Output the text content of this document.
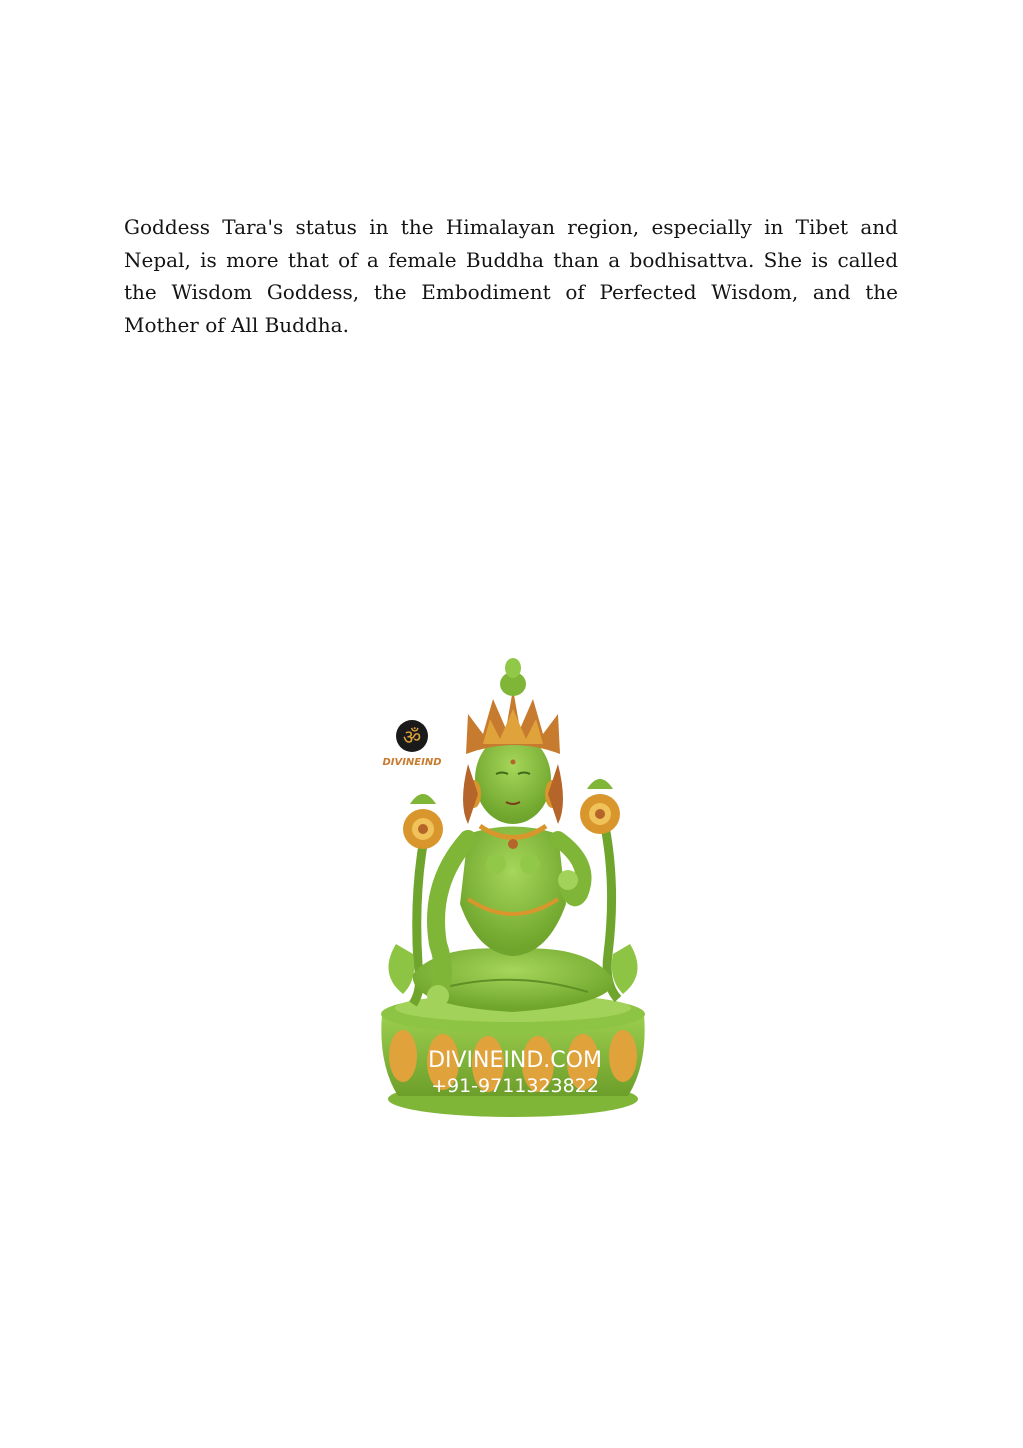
Goddess Tara's status in the Himalayan region, especially in Tibet and Nepal, is more that of a female Buddha than a bodhisattva. She is called the Wisdom Goddess, the Embodiment of Perfected Wisdom, and the Mother of All Buddha.

ॐ
DIVINEIND
DIVINEIND.COM
+91-9711323822
